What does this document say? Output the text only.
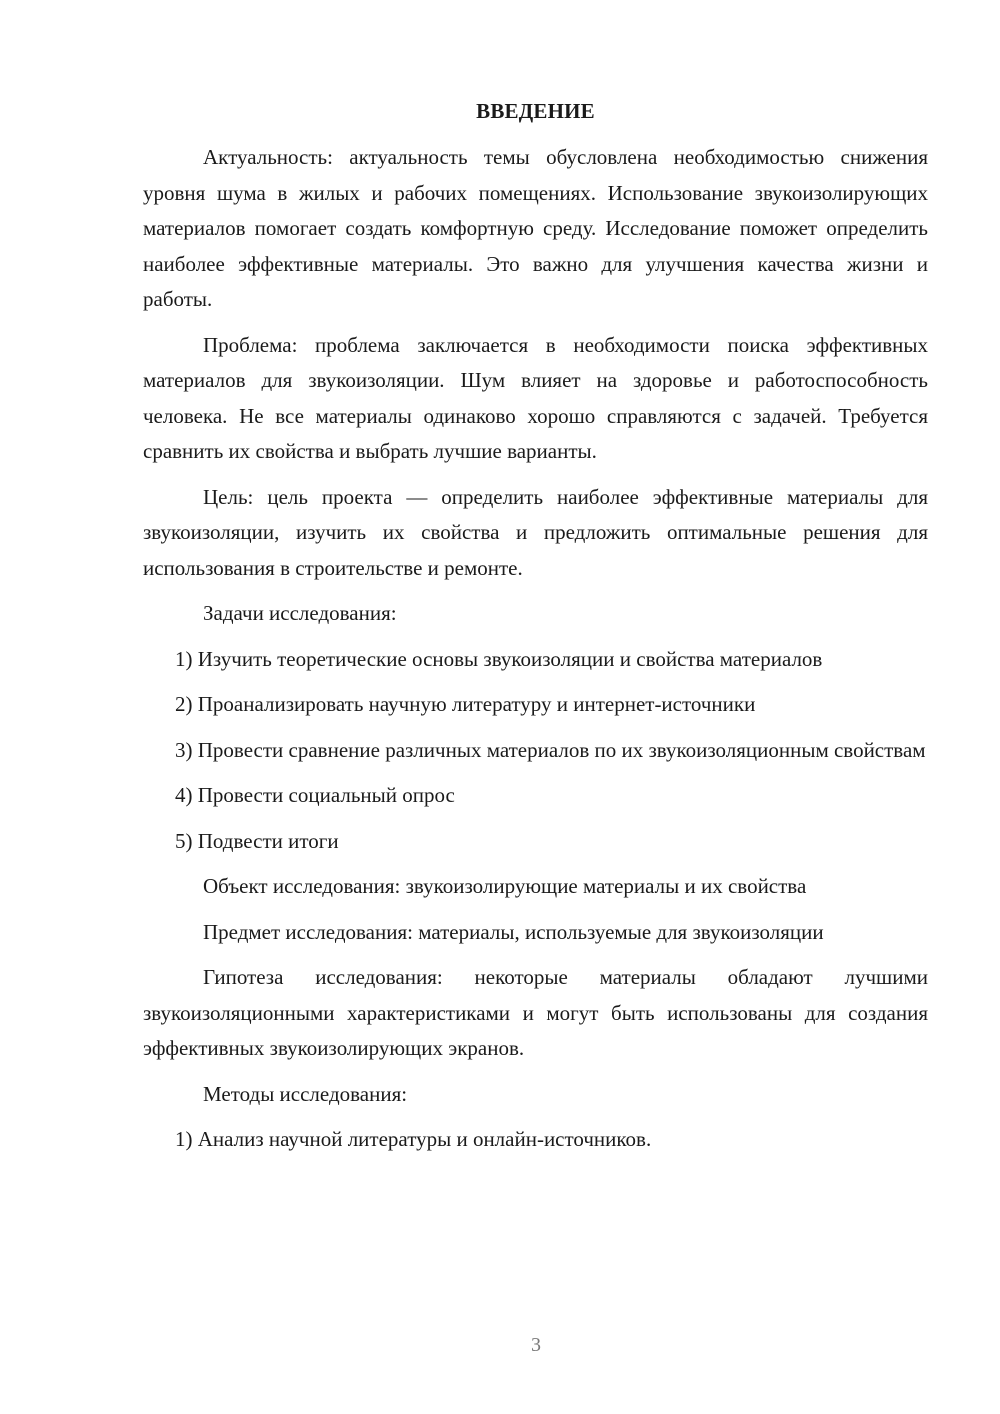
ВВЕДЕНИЕ

Актуальность: актуальность темы обусловлена необходимостью снижения уровня шума в жилых и рабочих помещениях. Использование звукоизолирующих материалов помогает создать комфортную среду. Исследование поможет определить наиболее эффективные материалы. Это важно для улучшения качества жизни и работы.

Проблема: проблема заключается в необходимости поиска эффективных материалов для звукоизоляции. Шум влияет на здоровье и работоспособность человека. Не все материалы одинаково хорошо справляются с задачей. Требуется сравнить их свойства и выбрать лучшие варианты.

Цель: цель проекта — определить наиболее эффективные материалы для звукоизоляции, изучить их свойства и предложить оптимальные решения для использования в строительстве и ремонте.

Задачи исследования:

1) Изучить теоретические основы звукоизоляции и свойства материалов

2) Проанализировать научную литературу и интернет-источники

3) Провести сравнение различных материалов по их звукоизоляционным свойствам

4) Провести социальный опрос

5) Подвести итоги

Объект исследования: звукоизолирующие материалы и их свойства

Предмет исследования: материалы, используемые для звукоизоляции

Гипотеза исследования: некоторые материалы обладают лучшими звукоизоляционными характеристиками и могут быть использованы для создания эффективных звукоизолирующих экранов.

Методы исследования:

1) Анализ научной литературы и онлайн-источников.

3
